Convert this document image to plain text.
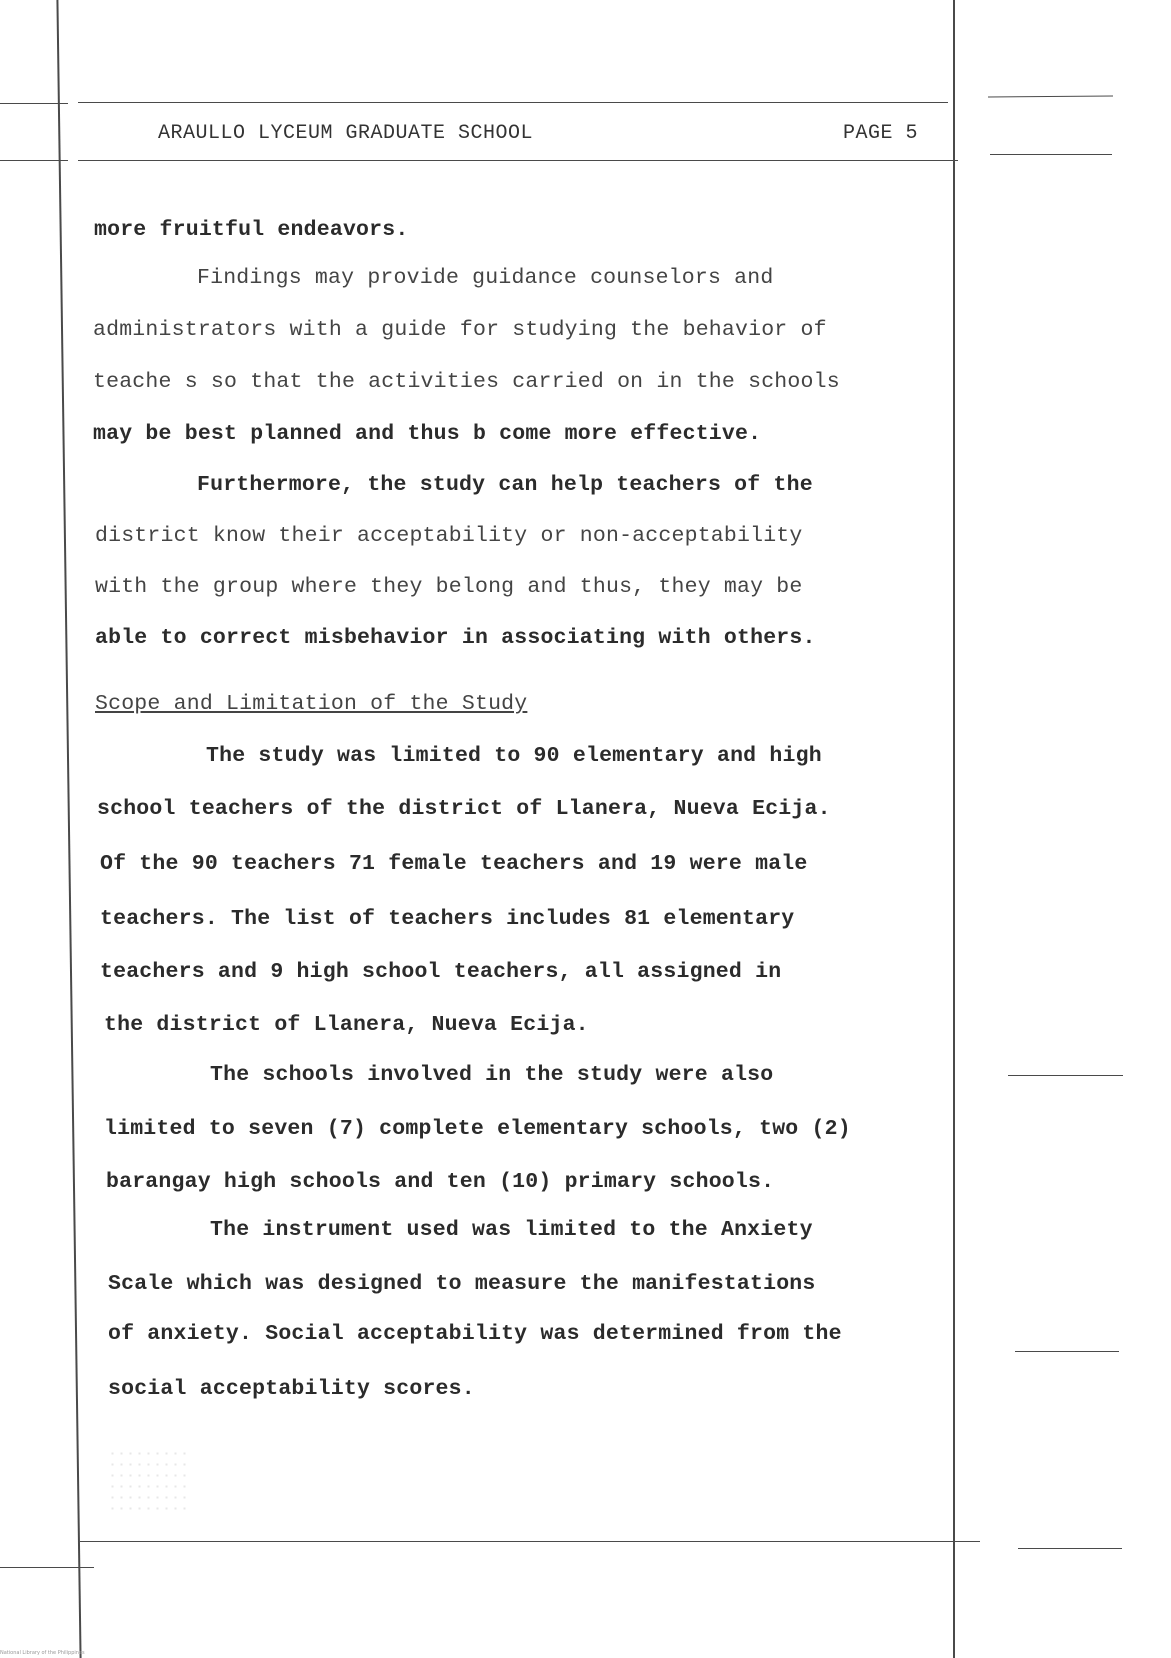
ARAULLO LYCEUM GRADUATE SCHOOL	PAGE 5
more fruitful endeavors.
Findings may provide guidance counselors and
administrators with a guide for studying the behavior of
teache s so that the activities carried on in the schools
may be best planned and thus b come more effective.
Furthermore, the study can help teachers of the
district know their acceptability or non-acceptability
with the group where they belong and thus, they may be
able to correct misbehavior in associating with others.
Scope and Limitation of the Study
The study was limited to 90 elementary and high
school teachers of the district of Llanera, Nueva Ecija.
Of the 90 teachers 71 female teachers and 19 were male
teachers. The list of teachers includes 81 elementary
teachers and 9 high school teachers, all assigned in
the district of Llanera, Nueva Ecija.
The schools involved in the study were also
limited to seven (7) complete elementary schools, two (2)
barangay high schools and ten (10) primary schools.
The instrument used was limited to the Anxiety
Scale which was designed to measure the manifestations
of anxiety. Social acceptability was determined from the
social acceptability scores.
National Library of the Philippines
